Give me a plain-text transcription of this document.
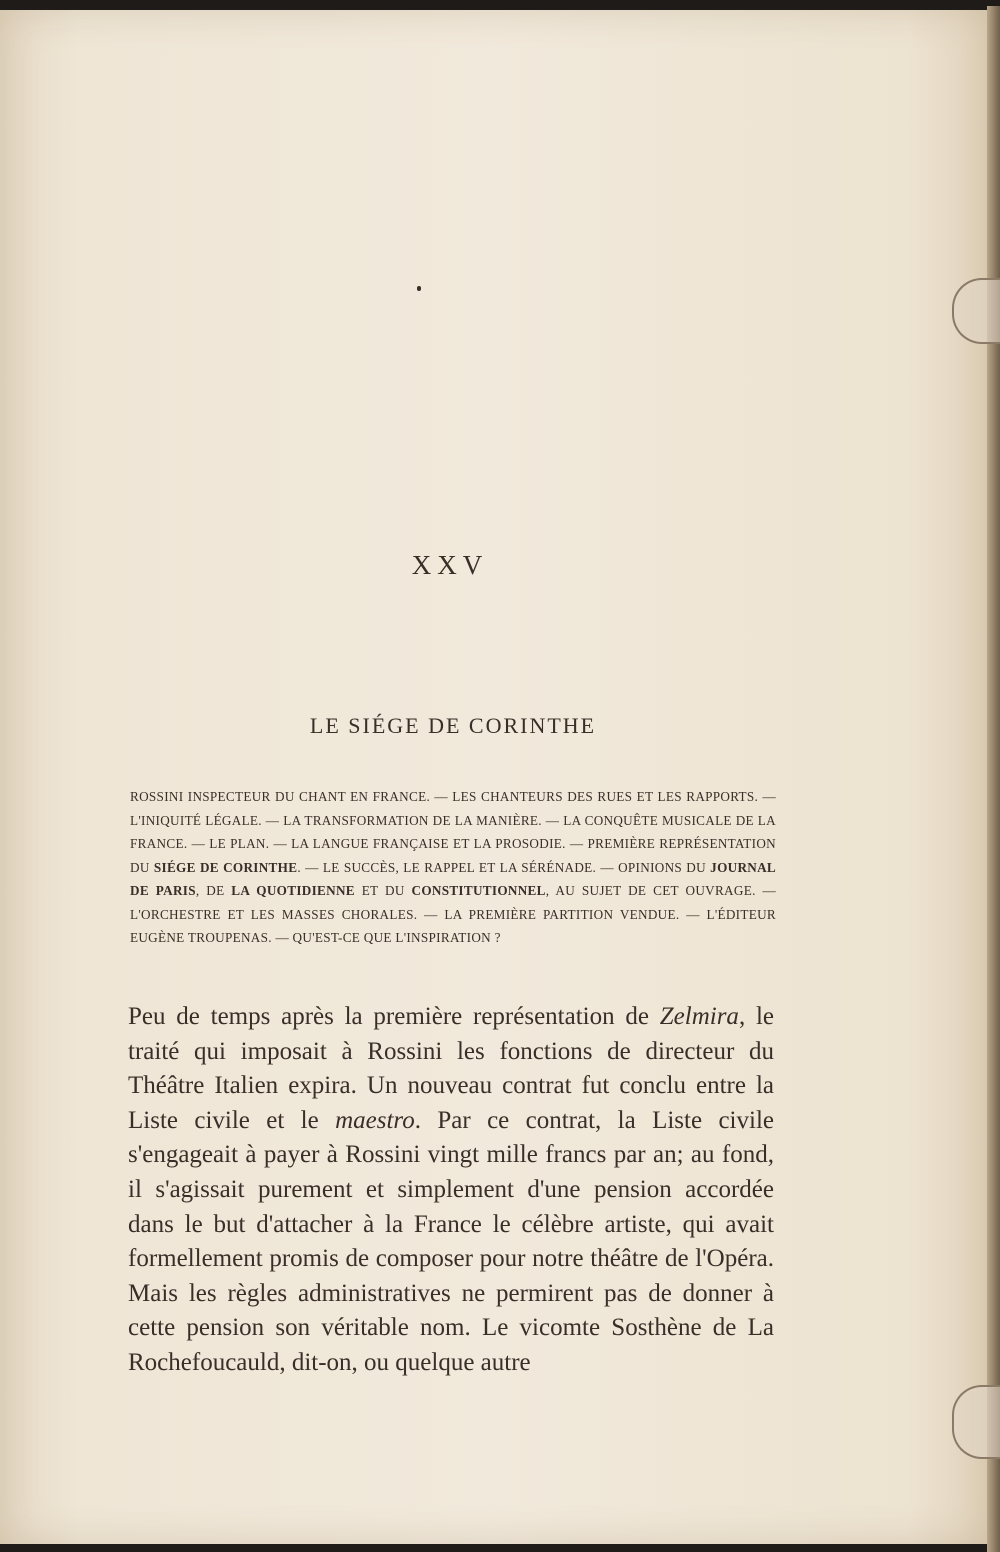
XXV
LE SIÉGE DE CORINTHE
ROSSINI INSPECTEUR DU CHANT EN FRANCE. — LES CHANTEURS DES RUES ET LES RAPPORTS. — L'INIQUITÉ LÉGALE. — LA TRANSFORMATION DE LA MANIÈRE. — LA CONQUÊTE MUSICALE DE LA FRANCE. — LE PLAN. — LA LANGUE FRANÇAISE ET LA PROSODIE. — PREMIÈRE REPRÉSENTATION DU SIÉGE DE CORINTHE. — LE SUCCÈS, LE RAPPEL ET LA SÉRÉNADE. — OPINIONS DU JOURNAL DE PARIS, DE LA QUOTIDIENNE ET DU CONSTITUTIONNEL, AU SUJET DE CET OUVRAGE. — L'ORCHESTRE ET LES MASSES CHORALES. — LA PREMIÈRE PARTITION VENDUE. — L'ÉDITEUR EUGÈNE TROUPENAS. — QU'EST-CE QUE L'INSPIRATION ?
Peu de temps après la première représentation de Zelmira, le traité qui imposait à Rossini les fonctions de directeur du Théâtre Italien expira. Un nouveau contrat fut conclu entre la Liste civile et le maestro. Par ce contrat, la Liste civile s'engageait à payer à Rossini vingt mille francs par an; au fond, il s'agissait purement et simplement d'une pension accordée dans le but d'attacher à la France le célèbre artiste, qui avait formellement promis de composer pour notre théâtre de l'Opéra. Mais les règles administratives ne permirent pas de donner à cette pension son véritable nom. Le vicomte Sosthène de La Rochefoucauld, dit-on, ou quelque autre
